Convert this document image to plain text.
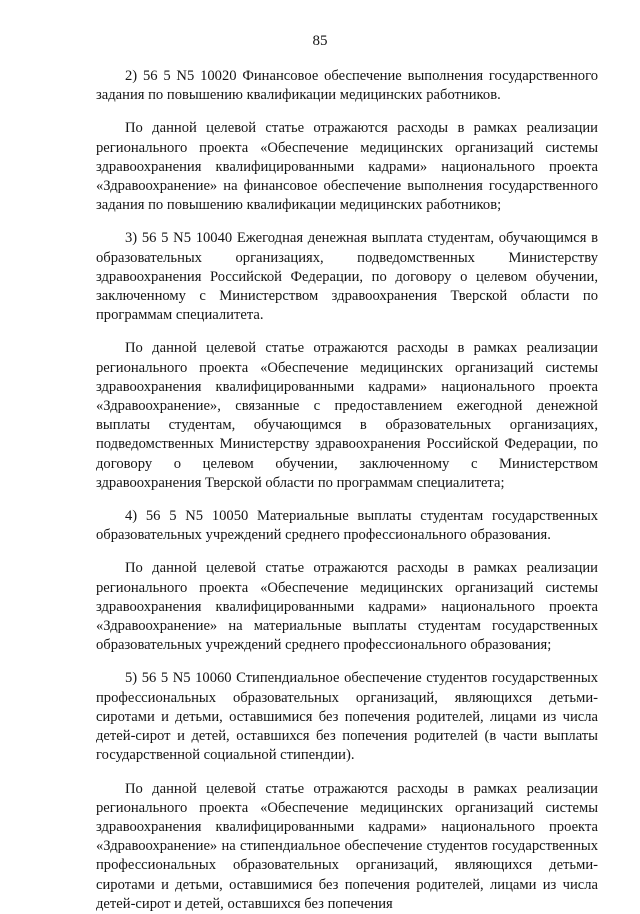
85

2) 56 5 N5 10020 Финансовое обеспечение выполнения государственного задания по повышению квалификации медицинских работников.

По данной целевой статье отражаются расходы в рамках реализации регионального проекта «Обеспечение медицинских организаций системы здравоохранения квалифицированными кадрами» национального проекта «Здравоохранение» на финансовое обеспечение выполнения государственного задания по повышению квалификации медицинских работников;

3) 56 5 N5 10040 Ежегодная денежная выплата студентам, обучающимся в образовательных организациях, подведомственных Министерству здравоохранения Российской Федерации, по договору о целевом обучении, заключенному с Министерством здравоохранения Тверской области по программам специалитета.

По данной целевой статье отражаются расходы в рамках реализации регионального проекта «Обеспечение медицинских организаций системы здравоохранения квалифицированными кадрами» национального проекта «Здравоохранение», связанные с предоставлением ежегодной денежной выплаты студентам, обучающимся в образовательных организациях, подведомственных Министерству здравоохранения Российской Федерации, по договору о целевом обучении, заключенному с Министерством здравоохранения Тверской области по программам специалитета;

4) 56 5 N5 10050 Материальные выплаты студентам государственных образовательных учреждений среднего профессионального образования.

По данной целевой статье отражаются расходы в рамках реализации регионального проекта «Обеспечение медицинских организаций системы здравоохранения квалифицированными кадрами» национального проекта «Здравоохранение» на материальные выплаты студентам государственных образовательных учреждений среднего профессионального образования;

5) 56 5 N5 10060 Стипендиальное обеспечение студентов государственных профессиональных образовательных организаций, являющихся детьми-сиротами и детьми, оставшимися без попечения родителей, лицами из числа детей-сирот и детей, оставшихся без попечения родителей (в части выплаты государственной социальной стипендии).

По данной целевой статье отражаются расходы в рамках реализации регионального проекта «Обеспечение медицинских организаций системы здравоохранения квалифицированными кадрами» национального проекта «Здравоохранение» на стипендиальное обеспечение студентов государственных профессиональных образовательных организаций, являющихся детьми-сиротами и детьми, оставшимися без попечения родителей, лицами из числа детей-сирот и детей, оставшихся без попечения
